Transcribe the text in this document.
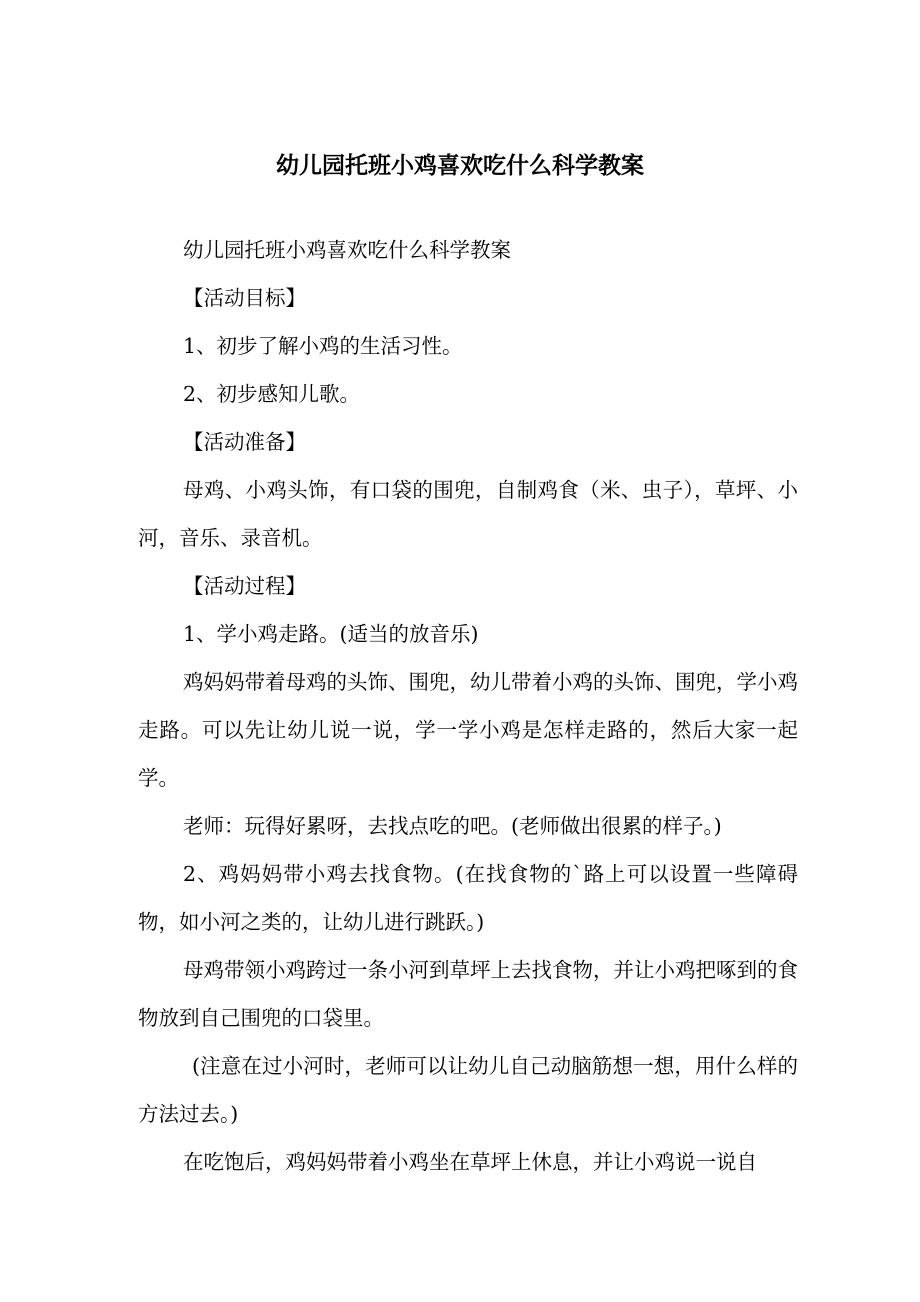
幼儿园托班小鸡喜欢吃什么科学教案

幼儿园托班小鸡喜欢吃什么科学教案

【活动目标】

1、初步了解小鸡的生活习性。

2、初步感知儿歌。

【活动准备】

母鸡、小鸡头饰，有口袋的围兜，自制鸡食（米、虫子），草坪、小河，音乐、录音机。

【活动过程】

1、学小鸡走路。(适当的放音乐)

鸡妈妈带着母鸡的头饰、围兜，幼儿带着小鸡的头饰、围兜，学小鸡走路。可以先让幼儿说一说，学一学小鸡是怎样走路的，然后大家一起学。

老师：玩得好累呀，去找点吃的吧。(老师做出很累的样子。)

2、鸡妈妈带小鸡去找食物。(在找食物的`路上可以设置一些障碍物，如小河之类的，让幼儿进行跳跃。)

母鸡带领小鸡跨过一条小河到草坪上去找食物，并让小鸡把啄到的食物放到自己围兜的口袋里。

(注意在过小河时，老师可以让幼儿自己动脑筋想一想，用什么样的方法过去。)

在吃饱后，鸡妈妈带着小鸡坐在草坪上休息，并让小鸡说一说自
